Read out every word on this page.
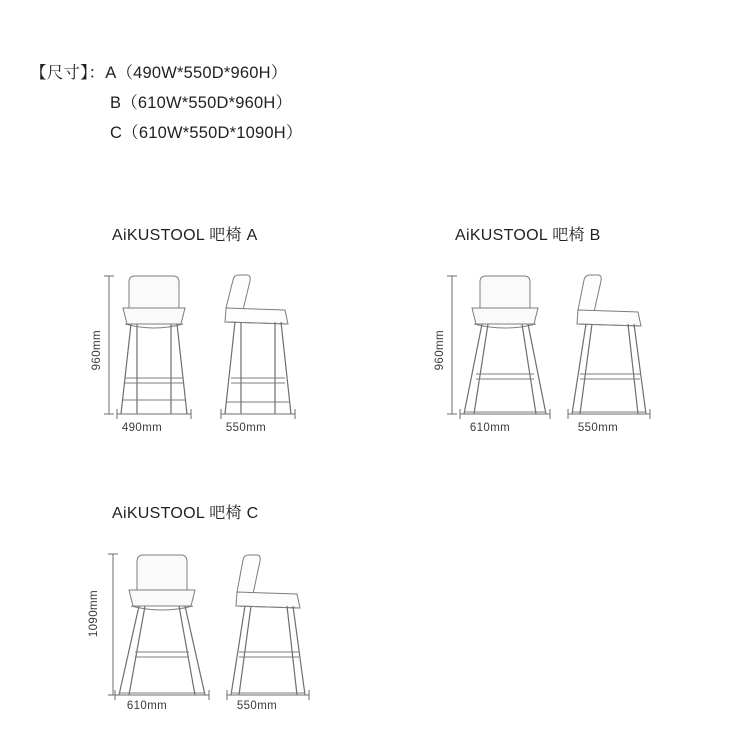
【尺寸】：A（490W*550D*960H）
B（610W*550D*960H）
C（610W*550D*1090H）
AiKUSTOOL 吧椅 A	AiKUSTOOL 吧椅 B
AiKUSTOOL 吧椅 C
960mm
490mm	550mm
960mm
610mm	550mm
1090mm
610mm	550mm
